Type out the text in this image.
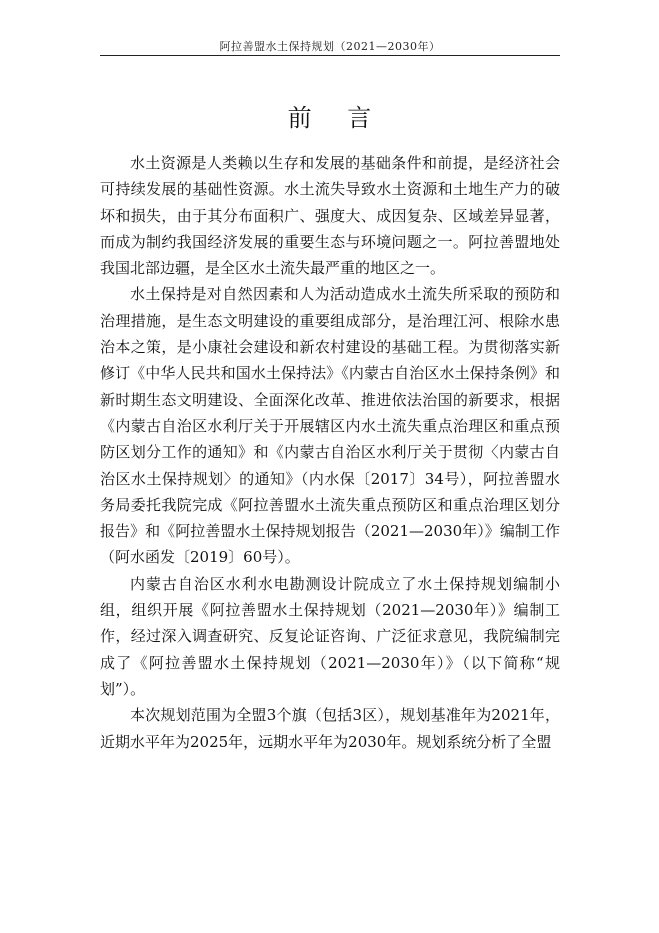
阿拉善盟水土保持规划（2021—2030年）
前 言

水土资源是人类赖以生存和发展的基础条件和前提，是经济社会可持续发展的基础性资源。水土流失导致水土资源和土地生产力的破坏和损失，由于其分布面积广、强度大、成因复杂、区域差异显著，而成为制约我国经济发展的重要生态与环境问题之一。阿拉善盟地处我国北部边疆，是全区水土流失最严重的地区之一。

水土保持是对自然因素和人为活动造成水土流失所采取的预防和治理措施，是生态文明建设的重要组成部分，是治理江河、根除水患治本之策，是小康社会建设和新农村建设的基础工程。为贯彻落实新修订《中华人民共和国水土保持法》《内蒙古自治区水土保持条例》和新时期生态文明建设、全面深化改革、推进依法治国的新要求，根据《内蒙古自治区水利厅关于开展辖区内水土流失重点治理区和重点预防区划分工作的通知》和《内蒙古自治区水利厅关于贯彻〈内蒙古自治区水土保持规划〉的通知》（内水保〔2017〕34号），阿拉善盟水务局委托我院完成《阿拉善盟水土流失重点预防区和重点治理区划分报告》和《阿拉善盟水土保持规划报告（2021—2030年）》编制工作（阿水函发〔2019〕60号）。

内蒙古自治区水利水电勘测设计院成立了水土保持规划编制小组，组织开展《阿拉善盟水土保持规划（2021—2030年）》编制工作，经过深入调查研究、反复论证咨询、广泛征求意见，我院编制完成了《阿拉善盟水土保持规划（2021—2030年）》（以下简称“规划”）。

本次规划范围为全盟3个旗（包括3区），规划基准年为2021年，近期水平年为2025年，远期水平年为2030年。规划系统分析了全盟
